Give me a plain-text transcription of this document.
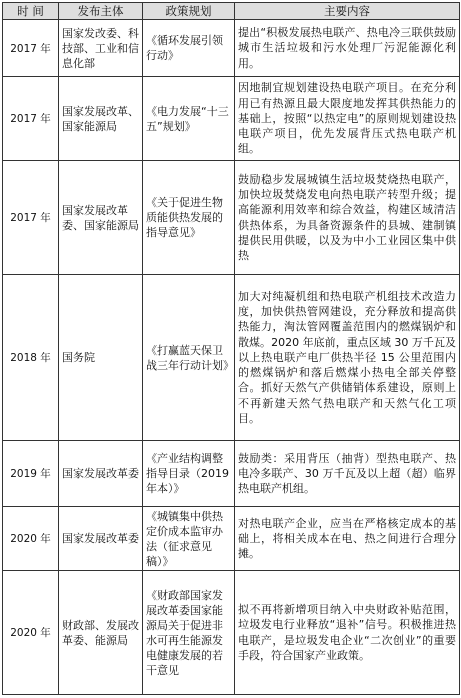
时 间	发布主体	政策规划	主要内容
2017 年	国家发改委、科技部、工业和信息化部	《循环发展引领行动》	提出“积极发展热电联产、热电冷三联供鼓励城市生活垃圾和污水处理厂污泥能源化利用。
2017 年	国家发展改革、国家能源局	《电力发展“十三五”规划》	因地制宜规划建设热电联产项目。在充分利用已有热源且最大限度地发挥其供热能力的基础上，按照“以热定电”的原则规划建设热电联产项目，优先发展背压式热电联产机组。
2017 年	国家发展改革委、国家能源局	《关于促进生物质能供热发展的指导意见》	鼓励稳步发展城镇生活垃圾焚烧热电联产，加快垃圾焚烧发电向热电联产转型升级；提高能源利用效率和综合效益，构建区域清洁供热体系，为具备资源条件的县城、建制镇提供民用供暖，以及为中小工业园区集中供热
2018 年	国务院	《打赢蓝天保卫战三年行动计划》	加大对纯凝机组和热电联产机组技术改造力度，加快供热管网建设，充分释放和提高供热能力，淘汰管网覆盖范围内的燃煤锅炉和散煤。2020 年底前，重点区域 30 万千瓦及以上热电联产电厂供热半径 15 公里范围内的燃煤锅炉和落后燃煤小热电全部关停整合。抓好天然气产供储销体系建设，原则上不再新建天然气热电联产和天然气化工项目。
2019 年	国家发展改革委	《产业结构调整指导目录（2019 年本）》	鼓励类：采用背压（抽背）型热电联产、热电冷多联产、30 万千瓦及以上超（超）临界热电联产机组。
2020 年	国家发展改革委	《城镇集中供热定价成本监审办法（征求意见稿）》	对热电联产企业，应当在严格核定成本的基础上，将相关成本在电、热之间进行合理分摊。
2020 年	财政部、发展改革委、能源局	《财政部国家发展改革委国家能源局关于促进非水可再生能源发电健康发展的若干意见	拟不再将新增项目纳入中央财政补贴范围，垃圾发电行业释放“退补”信号。积极推进热电联产，是垃圾发电企业“二次创业”的重要手段，符合国家产业政策。
